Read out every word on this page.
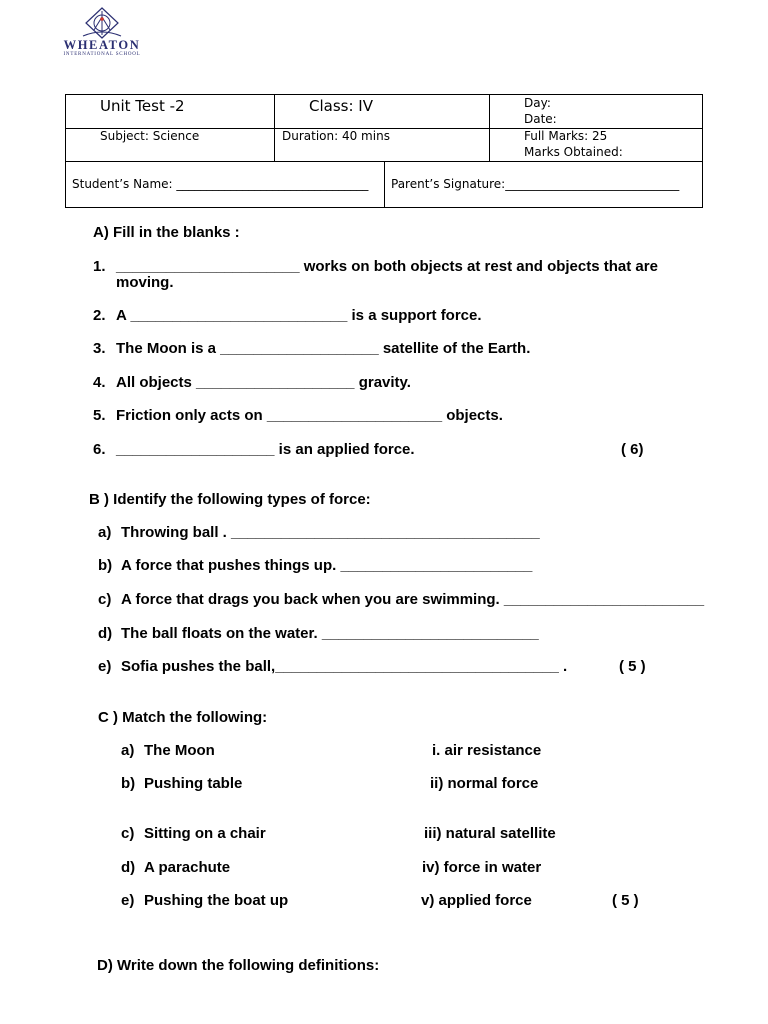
WHEATON
INTERNATIONAL SCHOOL
Unit Test -2	Class: IV	Day:
Date:
Subject: Science	Duration: 40 mins	Full Marks: 25
Marks Obtained:
Student’s Name: ________________________________ Parent’s Signature:_____________________________
A) Fill in the blanks :
1. ______________________ works on both objects at rest and objects that are
moving.
2. A __________________________ is a support force.
3. The Moon is a ___________________ satellite of the Earth.
4. All objects ___________________ gravity.
5. Friction only acts on _____________________ objects.
6. ___________________ is an applied force.	( 6)
B ) Identify the following types of force:
a) Throwing ball . _____________________________________
b) A force that pushes things up. _______________________
c) A force that drags you back when you are swimming. ________________________
d) The ball floats on the water. __________________________
e) Sofia pushes the ball,__________________________________ .	( 5 )
C ) Match the following:
a) The Moon	i. air resistance
b) Pushing table	ii) normal force
c) Sitting on a chair	iii) natural satellite
d) A parachute	iv) force in water
e) Pushing the boat up	v) applied force	( 5 )
D) Write down the following definitions:
